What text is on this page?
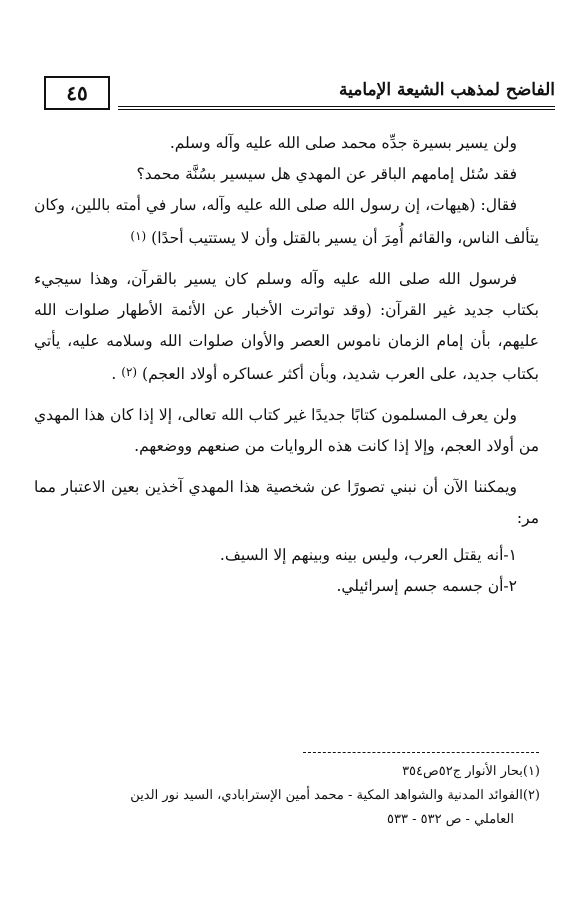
الفاضح لمذهب الشيعة الإمامية
٤٥

ولن يسير بسيرة جدِّه محمد صلى الله عليه وآله وسلم.

فقد سُئل إمامهم الباقر عن المهدي هل سيسير بسُنَّة محمد؟

فقال: (هيهات، إن رسول الله صلى الله عليه وآله، سار في أمته باللين، وكان يتألف الناس، والقائم أُمِرَ أن يسير بالقتل وأن لا يستتيب أحدًا) (١)

فرسول الله صلى الله عليه وآله وسلم كان يسير بالقرآن، وهذا سيجيء بكتاب جديد غير القرآن: (وقد تواترت الأخبار عن الأئمة الأطهار صلوات الله عليهم، بأن إمام الزمان ناموس العصر والأوان صلوات الله وسلامه عليه، يأتي بكتاب جديد، على العرب شديد، وبأن أكثر عساكره أولاد العجم) (٢) .

ولن يعرف المسلمون كتابًا جديدًا غير كتاب الله تعالى، إلا إذا كان هذا المهدي من أولاد العجم، وإلا إذا كانت هذه الروايات من صنعهم ووضعهم.

ويمكننا الآن أن نبني تصورًا عن شخصية هذا المهدي آخذين بعين الاعتبار مما مر:

١-أنه يقتل العرب، وليس بينه وبينهم إلا السيف.

٢-أن جسمه جسم إسرائيلي.

(١)بحار الأنوار ج٥٢ص٣٥٤

(٢)الفوائد المدنية والشواهد المكية - محمد أمين الإسترابادي، السيد نور الدين

العاملي - ص ٥٣٢ - ٥٣٣
